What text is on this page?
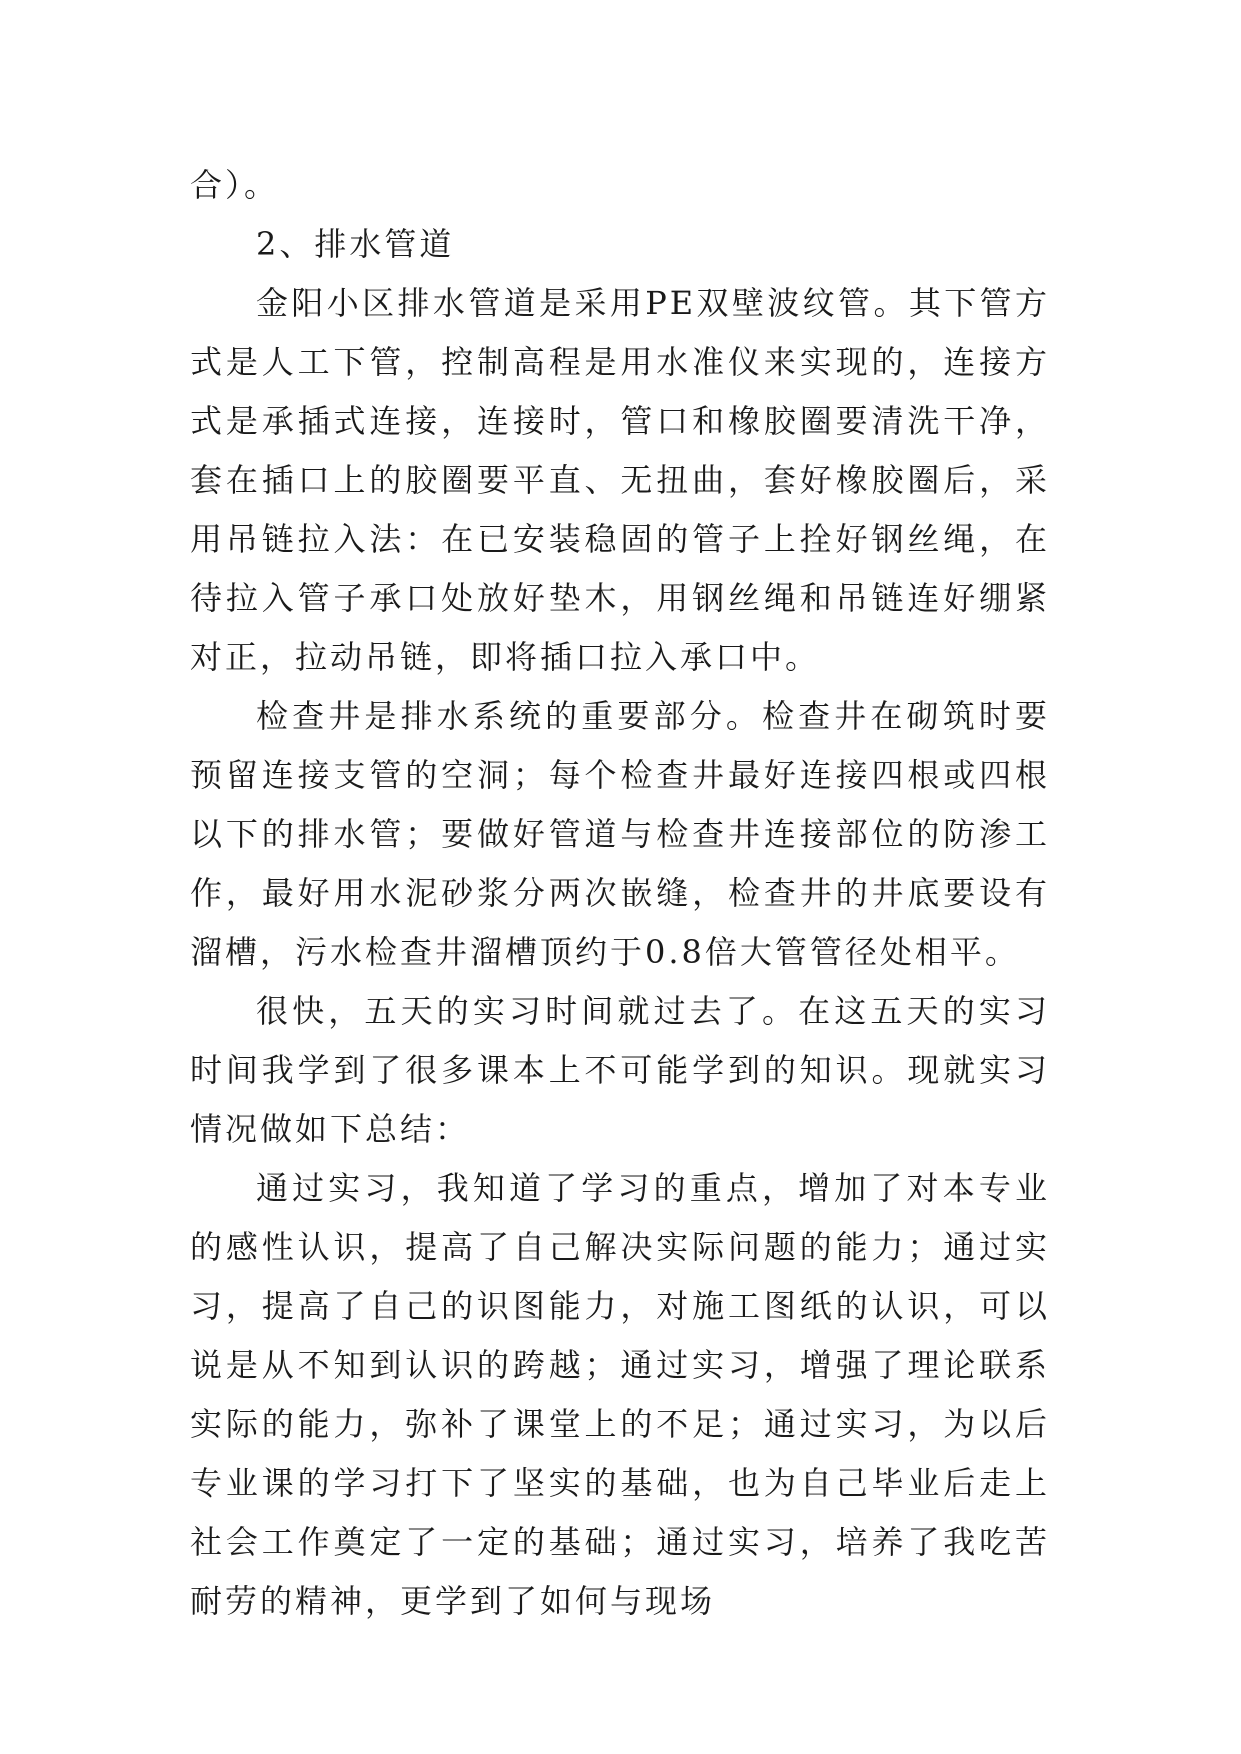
合）。

2、排水管道

金阳小区排水管道是采用PE双壁波纹管。其下管方式是人工下管，控制高程是用水准仪来实现的，连接方式是承插式连接，连接时，管口和橡胶圈要清洗干净，套在插口上的胶圈要平直、无扭曲，套好橡胶圈后，采用吊链拉入法：在已安装稳固的管子上拴好钢丝绳，在待拉入管子承口处放好垫木，用钢丝绳和吊链连好绷紧对正，拉动吊链，即将插口拉入承口中。

检查井是排水系统的重要部分。检查井在砌筑时要预留连接支管的空洞；每个检查井最好连接四根或四根以下的排水管；要做好管道与检查井连接部位的防渗工作，最好用水泥砂浆分两次嵌缝，检查井的井底要设有溜槽，污水检查井溜槽顶约于0.8倍大管管径处相平。

很快，五天的实习时间就过去了。在这五天的实习时间我学到了很多课本上不可能学到的知识。现就实习情况做如下总结：

通过实习，我知道了学习的重点，增加了对本专业的感性认识，提高了自己解决实际问题的能力；通过实习，提高了自己的识图能力，对施工图纸的认识，可以说是从不知到认识的跨越；通过实习，增强了理论联系实际的能力，弥补了课堂上的不足；通过实习，为以后专业课的学习打下了坚实的基础，也为自己毕业后走上社会工作奠定了一定的基础；通过实习，培养了我吃苦耐劳的精神，更学到了如何与现场
